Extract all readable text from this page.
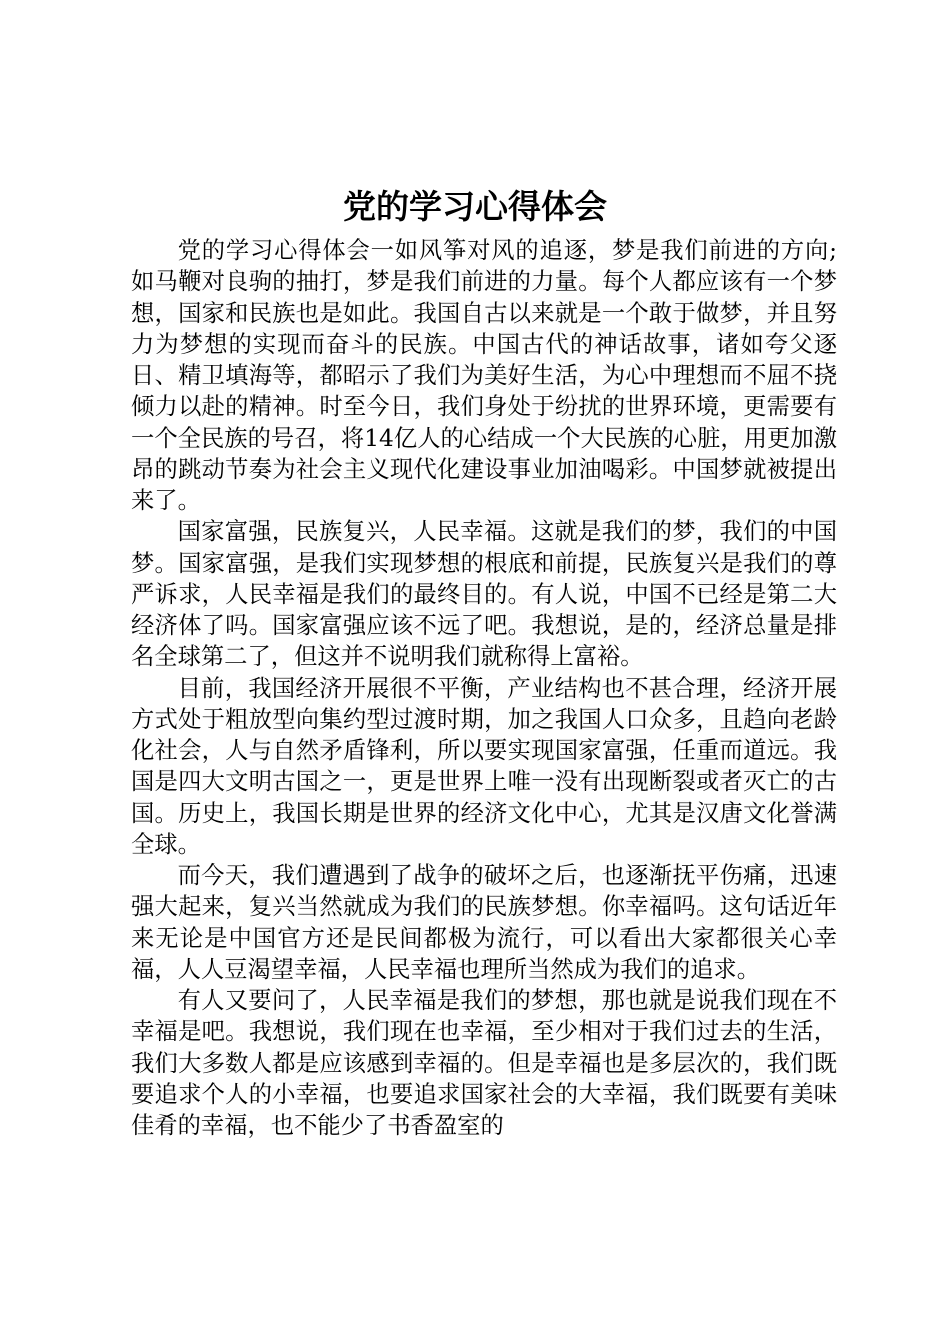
党的学习心得体会

党的学习心得体会一如风筝对风的追逐，梦是我们前进的方向;如马鞭对良驹的抽打，梦是我们前进的力量。每个人都应该有一个梦想，国家和民族也是如此。我国自古以来就是一个敢于做梦，并且努力为梦想的实现而奋斗的民族。中国古代的神话故事，诸如夸父逐日、精卫填海等，都昭示了我们为美好生活，为心中理想而不屈不挠倾力以赴的精神。时至今日，我们身处于纷扰的世界环境，更需要有一个全民族的号召，将14亿人的心结成一个大民族的心脏，用更加激昂的跳动节奏为社会主义现代化建设事业加油喝彩。中国梦就被提出来了。

国家富强，民族复兴，人民幸福。这就是我们的梦，我们的中国梦。国家富强，是我们实现梦想的根底和前提，民族复兴是我们的尊严诉求，人民幸福是我们的最终目的。有人说，中国不已经是第二大经济体了吗。国家富强应该不远了吧。我想说，是的，经济总量是排名全球第二了，但这并不说明我们就称得上富裕。

目前，我国经济开展很不平衡，产业结构也不甚合理，经济开展方式处于粗放型向集约型过渡时期，加之我国人口众多，且趋向老龄化社会，人与自然矛盾锋利，所以要实现国家富强，任重而道远。我国是四大文明古国之一，更是世界上唯一没有出现断裂或者灭亡的古国。历史上，我国长期是世界的经济文化中心，尤其是汉唐文化誉满全球。

而今天，我们遭遇到了战争的破坏之后，也逐渐抚平伤痛，迅速强大起来，复兴当然就成为我们的民族梦想。你幸福吗。这句话近年来无论是中国官方还是民间都极为流行，可以看出大家都很关心幸福，人人豆渴望幸福，人民幸福也理所当然成为我们的追求。

有人又要问了，人民幸福是我们的梦想，那也就是说我们现在不幸福是吧。我想说，我们现在也幸福，至少相对于我们过去的生活，我们大多数人都是应该感到幸福的。但是幸福也是多层次的，我们既要追求个人的小幸福，也要追求国家社会的大幸福，我们既要有美味佳肴的幸福，也不能少了书香盈室的
